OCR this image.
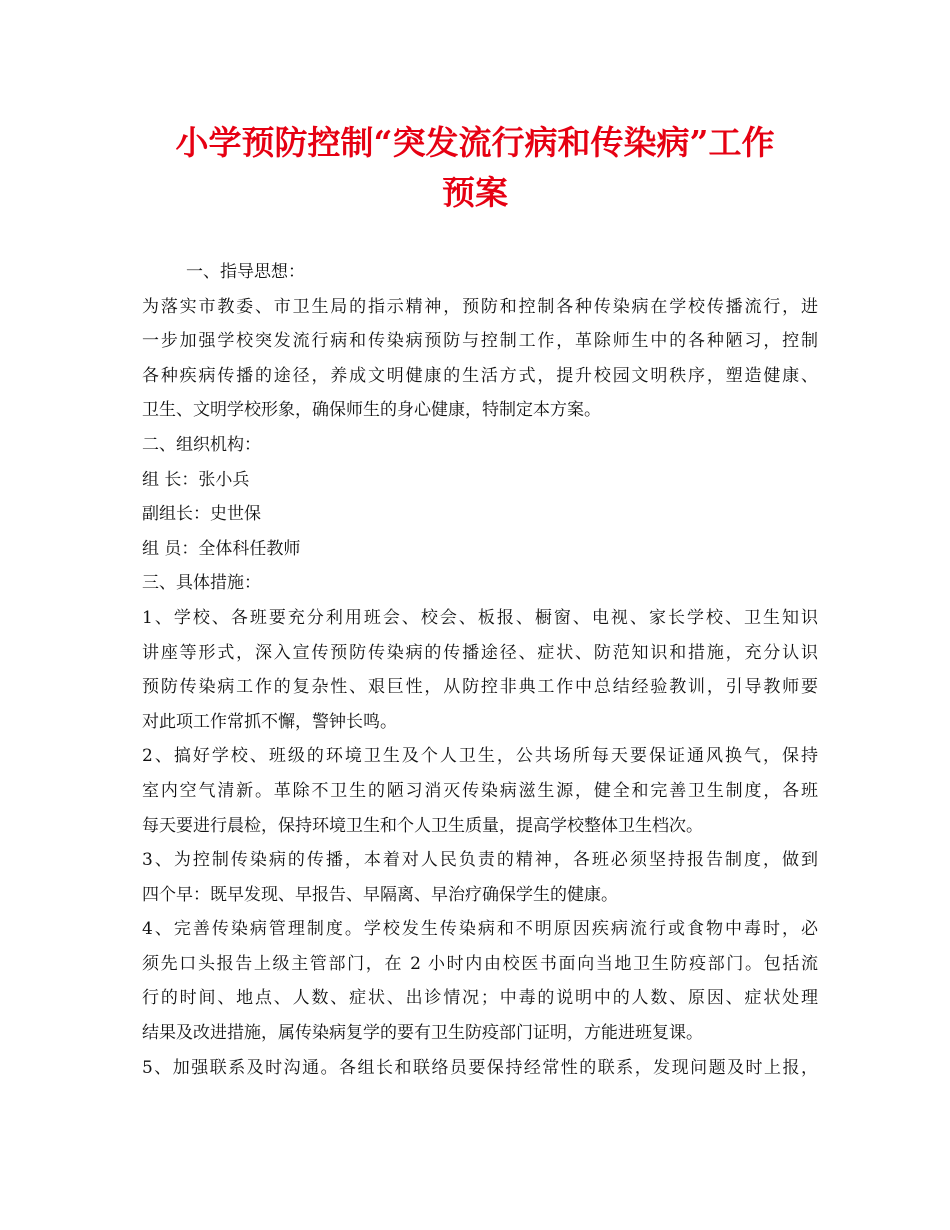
小学预防控制“突发流行病和传染病”工作
预案
一、指导思想：
为落实市教委、市卫生局的指示精神，预防和控制各种传染病在学校传播流行，进
一步加强学校突发流行病和传染病预防与控制工作，革除师生中的各种陋习，控制
各种疾病传播的途径，养成文明健康的生活方式，提升校园文明秩序，塑造健康、
卫生、文明学校形象，确保师生的身心健康，特制定本方案。
二、组织机构：
组 长：张小兵
副组长：史世保
组 员：全体科任教师
三、具体措施：
1、学校、各班要充分利用班会、校会、板报、橱窗、电视、家长学校、卫生知识
讲座等形式，深入宣传预防传染病的传播途径、症状、防范知识和措施，充分认识
预防传染病工作的复杂性、艰巨性，从防控非典工作中总结经验教训，引导教师要
对此项工作常抓不懈，警钟长鸣。
2、搞好学校、班级的环境卫生及个人卫生，公共场所每天要保证通风换气，保持
室内空气清新。革除不卫生的陋习消灭传染病滋生源，健全和完善卫生制度，各班
每天要进行晨检，保持环境卫生和个人卫生质量，提高学校整体卫生档次。
3、为控制传染病的传播，本着对人民负责的精神，各班必须坚持报告制度，做到
四个早：既早发现、早报告、早隔离、早治疗确保学生的健康。
4、完善传染病管理制度。学校发生传染病和不明原因疾病流行或食物中毒时，必
须先口头报告上级主管部门，在 2 小时内由校医书面向当地卫生防疫部门。包括流
行的时间、地点、人数、症状、出诊情况；中毒的说明中的人数、原因、症状处理
结果及改进措施，属传染病复学的要有卫生防疫部门证明，方能进班复课。
5、加强联系及时沟通。各组长和联络员要保持经常性的联系，发现问题及时上报，
